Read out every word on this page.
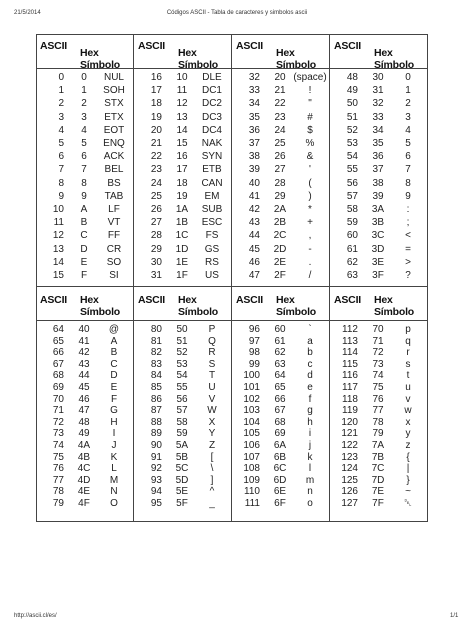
21/5/2014	Códigos ASCII - Tabla de caracteres y simbolos ascii
ASCII
Hex Símbolo
0	0	NUL
1	1	SOH
2	2	STX
3	3	ETX
4	4	EOT
5	5	ENQ
6	6	ACK
7	7	BEL
8	8	BS
9	9	TAB
10	A	LF
11	B	VT
12	C	FF
13	D	CR
14	E	SO
15	F	SI
ASCII
Hex Símbolo
16	10	DLE
17	11	DC1
18	12	DC2
19	13	DC3
20	14	DC4
21	15	NAK
22	16	SYN
23	17	ETB
24	18	CAN
25	19	EM
26	1A	SUB
27	1B	ESC
28	1C	FS
29	1D	GS
30	1E	RS
31	1F	US
ASCII
Hex Símbolo
32	20 (space)
33	21	!
34	22	"
35	23	#
36	24	$
37	25	%
38	26	&
39	27	'
40	28	(
41	29	)
42	2A	*
43	2B	+
44	2C	,
45	2D	-
46	2E	.
47	2F	/
ASCII
Hex Símbolo
48	30	0
49	31	1
50	32	2
51	33	3
52	34	4
53	35	5
54	36	6
55	37	7
56	38	8
57	39	9
58	3A	:
59	3B	;
60	3C	<
61	3D	=
62	3E	>
63	3F	?
ASCII Hex Símbolo
64	40	@
65	41	A
66	42	B
67	43	C
68	44	D
69	45	E
70	46	F
71	47	G
72	48	H
73	49	I
74	4A	J
75	4B	K
76	4C	L
77	4D	M
78	4E	N
79	4F	O
ASCII Hex Símbolo
80	50	P
81	51	Q
82	52	R
83	53	S
84	54	T
85	55	U
86	56	V
87	57	W
88	58	X
89	59	Y
90	5A	Z
91	5B	[
92	5C	\
93	5D	]
94	5E	^
95	5F	_
ASCII Hex Símbolo
96	60	`
97	61	a
98	62	b
99	63	c
100	64	d
101	65	e
102	66	f
103	67	g
104	68	h
105	69	i
106	6A	j
107	6B	k
108	6C	l
109	6D	m
110	6E	n
111	6F	o
ASCII Hex Símbolo
112	70	p
113	71	q
114	72	r
115	73	s
116	74	t
117	75	u
118	76	v
119	77	w
120	78	x
121	79	y
122	7A	z
123	7B	{
124	7C	|
125	7D	}
126	7E	~
127	7F	␡
http://ascii.cl/es/	1/1
